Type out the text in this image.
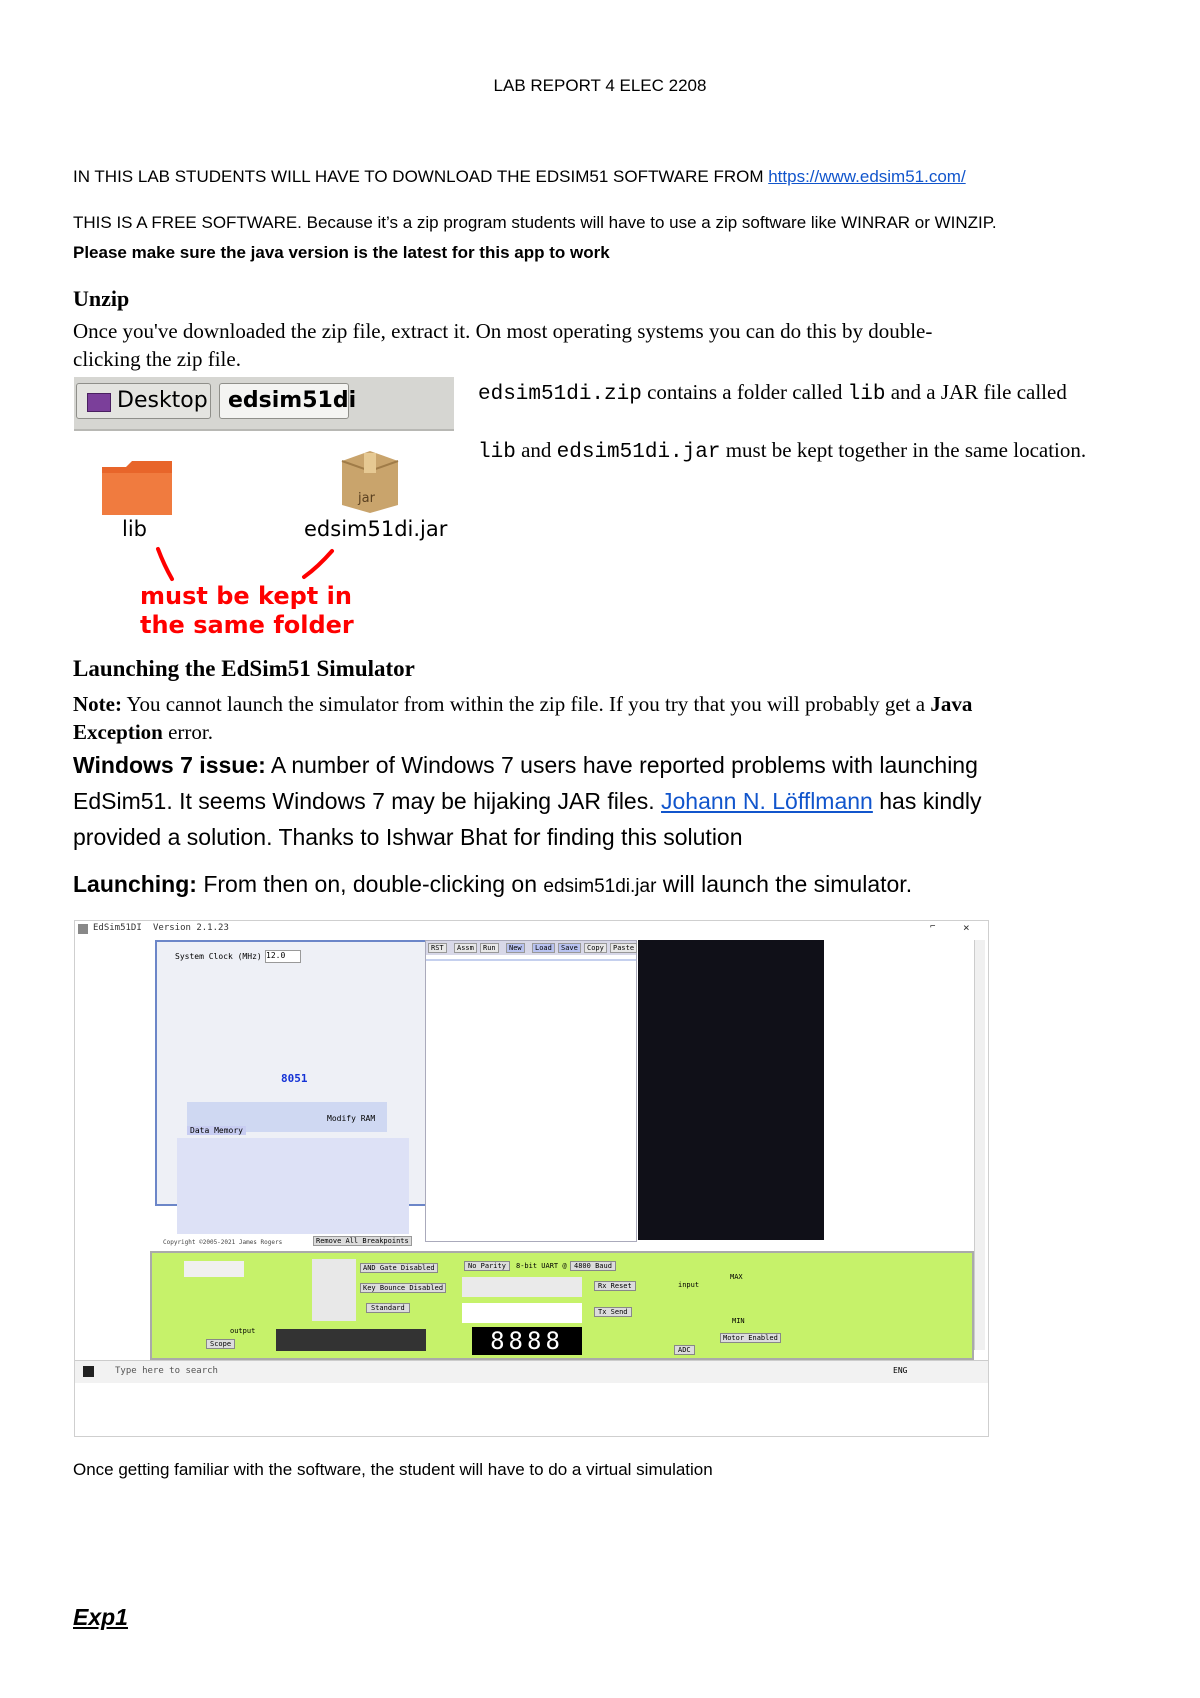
LAB REPORT 4 ELEC 2208
IN THIS LAB STUDENTS WILL HAVE TO DOWNLOAD THE EDSIM51 SOFTWARE FROM https://www.edsim51.com/
THIS IS A FREE SOFTWARE. Because it’s a zip program students will have to use a zip software like WINRAR or WINZIP.
Please make sure the java version is the latest for this app to work
Unzip
Once you've downloaded the zip file, extract it. On most operating systems you can do this by double-
clicking the zip file.
edsim51di.zip contains a folder called lib and a JAR file called
lib and edsim51di.jar must be kept together in the same location.
Desktop edsim51di
lib
jar
edsim51di.jar
must be kept in
the same folder
Launching the EdSim51 Simulator
Note: You cannot launch the simulator from within the zip file. If you try that you will probably get a Java
Exception error.
Windows 7 issue: A number of Windows 7 users have reported problems with launching
EdSim51. It seems Windows 7 may be hijaking JAR files. Johann N. Löfflmann has kindly
provided a solution. Thanks to Ishwar Bhat for finding this solution
Launching: From then on, double-clicking on edsim51di.jar will launch the simulator.
EdSim51DI Version 2.1.23	⌐	×
System Clock (MHz) 12.0
8051
Data Memory
Modify RAM
Copyright ©2005-2021 James Rogers	Remove All Breakpoints
RST	Assm	Run	New	Load	Save	Copy	Paste
AND Gate Disabled
Key Bounce Disabled
Standard
No Parity	8-bit UART @	4800 Baud
Rx Reset
Tx Send
Scope
output	8888
input
ADC
MAX
MIN
Motor Enabled
Type here to search	ENG
Once getting familiar with the software, the student will have to do a virtual simulation
Exp1
